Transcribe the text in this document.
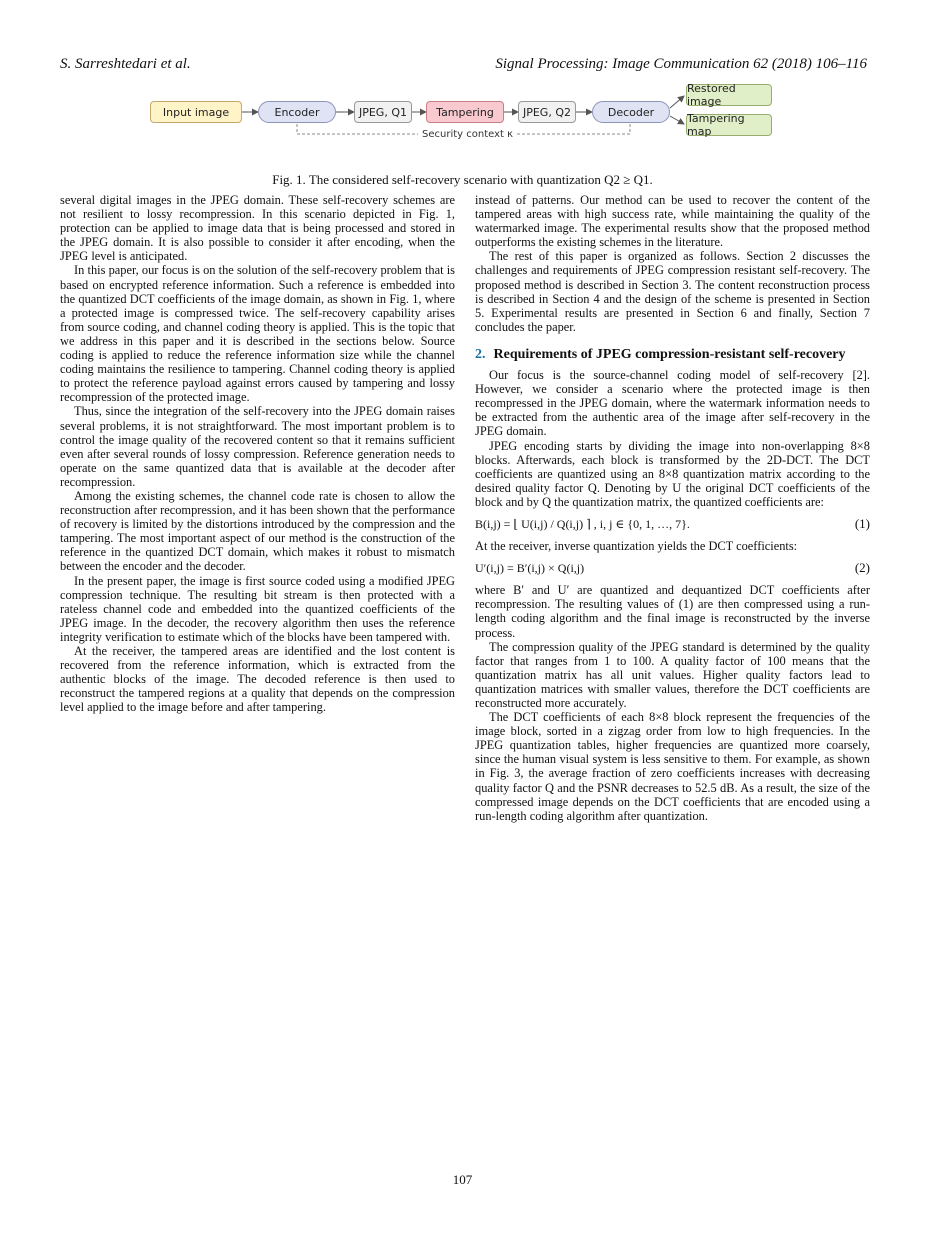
S. Sarreshtedari et al.	Signal Processing: Image Communication 62 (2018) 106–116
Input image	Encoder	JPEG, Q1	Tampering	JPEG, Q2	Decoder
Restored image
Tampering map
Security context κ
Fig. 1. The considered self-recovery scenario with quantization Q2 ≥ Q1.

several digital images in the JPEG domain. These self-recovery schemes are not resilient to lossy recompression. In this scenario depicted in Fig. 1, protection can be applied to image data that is being processed and stored in the JPEG domain. It is also possible to consider it after encoding, when the JPEG level is anticipated.

In this paper, our focus is on the solution of the self-recovery problem that is based on encrypted reference information. Such a reference is embedded into the quantized DCT coefficients of the image domain, as shown in Fig. 1, where a protected image is compressed twice. The self-recovery capability arises from source coding, and channel coding theory is applied. This is the topic that we address in this paper and it is described in the sections below. Source coding is applied to reduce the reference information size while the channel coding maintains the resilience to tampering. Channel coding theory is applied to protect the reference payload against errors caused by tampering and lossy recompression of the protected image.

Thus, since the integration of the self-recovery into the JPEG domain raises several problems, it is not straightforward. The most important problem is to control the image quality of the recovered content so that it remains sufficient even after several rounds of lossy compression. Reference generation needs to operate on the same quantized data that is available at the decoder after recompression.

Among the existing schemes, the channel code rate is chosen to allow the reconstruction after recompression, and it has been shown that the performance of recovery is limited by the distortions introduced by the compression and the tampering. The most important aspect of our method is the construction of the reference in the quantized DCT domain, which makes it robust to mismatch between the encoder and the decoder.

In the present paper, the image is first source coded using a modified JPEG compression technique. The resulting bit stream is then protected with a rateless channel code and embedded into the quantized coefficients of the JPEG image. In the decoder, the recovery algorithm then uses the reference integrity verification to estimate which of the blocks have been tampered with.

At the receiver, the tampered areas are identified and the lost content is recovered from the reference information, which is extracted from the authentic blocks of the image. The decoded reference is then used to reconstruct the tampered regions at a quality that depends on the compression level applied to the image before and after tampering.

instead of patterns. Our method can be used to recover the content of the tampered areas with high success rate, while maintaining the quality of the watermarked image. The experimental results show that the proposed method outperforms the existing schemes in the literature.

The rest of this paper is organized as follows. Section 2 discusses the challenges and requirements of JPEG compression resistant self-recovery. The proposed method is described in Section 3. The content reconstruction process is described in Section 4 and the design of the scheme is presented in Section 5. Experimental results are presented in Section 6 and finally, Section 7 concludes the paper.

2. Requirements of JPEG compression-resistant self-recovery

Our focus is the source-channel coding model of self-recovery [2]. However, we consider a scenario where the protected image is then recompressed in the JPEG domain, where the watermark information needs to be extracted from the authentic area of the image after self-recovery in the JPEG domain.

JPEG encoding starts by dividing the image into non-overlapping 8×8 blocks. Afterwards, each block is transformed by the 2D-DCT. The DCT coefficients are quantized using an 8×8 quantization matrix according to the desired quality factor Q. Denoting by U the original DCT coefficients of the block and by Q the quantization matrix, the quantized coefficients are:

B(i,j) = ⌊ U(i,j) / Q(i,j) ⌉ , i, j ∈ {0, 1, …, 7}.	(1)

At the receiver, inverse quantization yields the DCT coefficients:

U′(i,j) = B′(i,j) × Q(i,j)	(2)

where B′ and U′ are quantized and dequantized DCT coefficients after recompression. The resulting values of (1) are then compressed using a run-length coding algorithm and the final image is reconstructed by the inverse process.

The compression quality of the JPEG standard is determined by the quality factor that ranges from 1 to 100. A quality factor of 100 means that the quantization matrix has all unit values. Higher quality factors lead to quantization matrices with smaller values, therefore the DCT coefficients are reconstructed more accurately.

The DCT coefficients of each 8×8 block represent the frequencies of the image block, sorted in a zigzag order from low to high frequencies. In the JPEG quantization tables, higher frequencies are quantized more coarsely, since the human visual system is less sensitive to them. For example, as shown in Fig. 3, the average fraction of zero coefficients increases with decreasing quality factor Q and the PSNR decreases to 52.5 dB. As a result, the size of the compressed image depends on the DCT coefficients that are encoded using a run-length coding algorithm after quantization.

107
